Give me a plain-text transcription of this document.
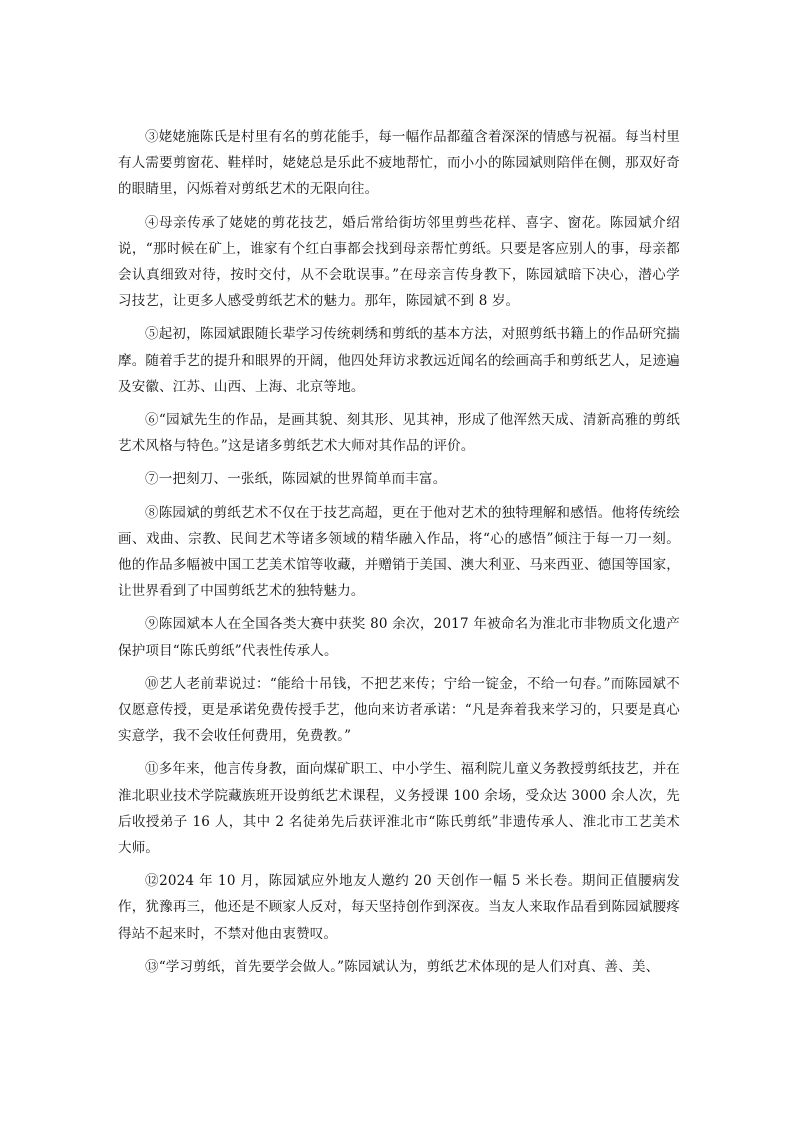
③姥姥施陈氏是村里有名的剪花能手，每一幅作品都蕴含着深深的情感与祝福。每当村里有人需要剪窗花、鞋样时，姥姥总是乐此不疲地帮忙，而小小的陈园斌则陪伴在侧，那双好奇的眼睛里，闪烁着对剪纸艺术的无限向往。

④母亲传承了姥姥的剪花技艺，婚后常给街坊邻里剪些花样、喜字、窗花。陈园斌介绍说，“那时候在矿上，谁家有个红白事都会找到母亲帮忙剪纸。只要是客应别人的事，母亲都会认真细致对待，按时交付，从不会耽误事。”在母亲言传身教下，陈园斌暗下决心，潜心学习技艺，让更多人感受剪纸艺术的魅力。那年，陈园斌不到 8 岁。

⑤起初，陈园斌跟随长辈学习传统刺绣和剪纸的基本方法，对照剪纸书籍上的作品研究揣摩。随着手艺的提升和眼界的开阔，他四处拜访求教远近闻名的绘画高手和剪纸艺人，足迹遍及安徽、江苏、山西、上海、北京等地。

⑥“园斌先生的作品，是画其貌、刻其形、见其神，形成了他浑然天成、清新高雅的剪纸艺术风格与特色。”这是诸多剪纸艺术大师对其作品的评价。

⑦一把刻刀、一张纸，陈园斌的世界简单而丰富。

⑧陈园斌的剪纸艺术不仅在于技艺高超，更在于他对艺术的独特理解和感悟。他将传统绘画、戏曲、宗教、民间艺术等诸多领域的精华融入作品，将“心的感悟”倾注于每一刀一刻。他的作品多幅被中国工艺美术馆等收藏，并赠销于美国、澳大利亚、马来西亚、德国等国家，让世界看到了中国剪纸艺术的独特魅力。

⑨陈园斌本人在全国各类大赛中获奖 80 余次，2017 年被命名为淮北市非物质文化遗产保护项目“陈氏剪纸”代表性传承人。

⑩艺人老前辈说过：“能给十吊钱，不把艺来传；宁给一锭金，不给一句春。”而陈园斌不仅愿意传授，更是承诺免费传授手艺，他向来访者承诺：“凡是奔着我来学习的，只要是真心实意学，我不会收任何费用，免费教。”

⑪多年来，他言传身教，面向煤矿职工、中小学生、福利院儿童义务教授剪纸技艺，并在淮北职业技术学院藏族班开设剪纸艺术课程，义务授课 100 余场，受众达 3000 余人次，先后收授弟子 16 人，其中 2 名徒弟先后获评淮北市“陈氏剪纸”非遗传承人、淮北市工艺美术大师。

⑫2024 年 10 月，陈园斌应外地友人邀约 20 天创作一幅 5 米长卷。期间正值腰病发作，犹豫再三，他还是不顾家人反对，每天坚持创作到深夜。当友人来取作品看到陈园斌腰疼得站不起来时，不禁对他由衷赞叹。

⑬“学习剪纸，首先要学会做人。”陈园斌认为，剪纸艺术体现的是人们对真、善、美、
